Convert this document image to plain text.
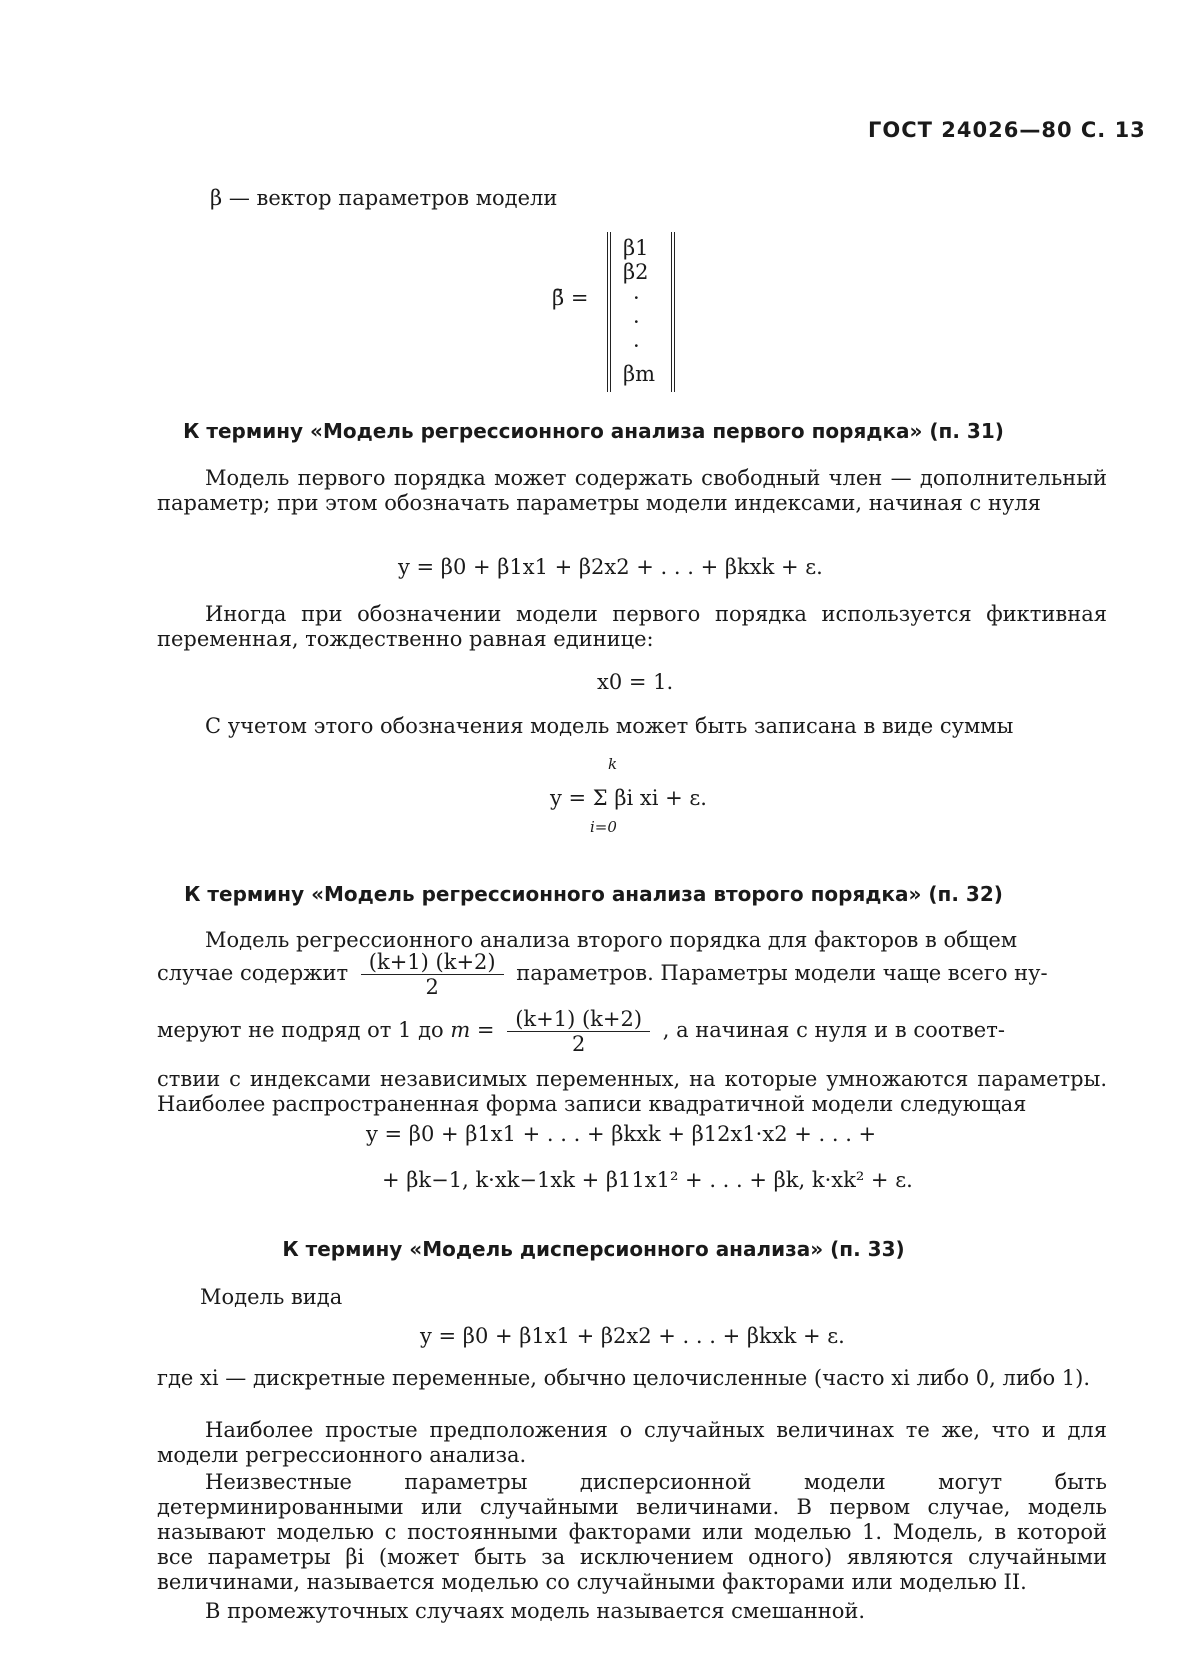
ГОСТ 24026—80 С. 13
β — вектор параметров модели
β̄ =
β1
β2
·
·
·
βm
К термину «Модель регрессионного анализа первого порядка» (п. 31)
Модель первого порядка может содержать свободный член — дополнительный параметр; при этом обозначать параметры модели индексами, начиная с нуля
y = β0 + β1x1 + β2x2 + . . . + βkxk + ε.
Иногда при обозначении модели первого порядка используется фиктивная переменная, тождественно равная единице:
x0 = 1.
С учетом этого обозначения модель может быть записана в виде суммы
k
y = Σ βi xi + ε.
i=0
К термину «Модель регрессионного анализа второго порядка» (п. 32)
Модель регрессионного анализа второго порядка для факторов в общем
случае содержит $\frac{(k+1) (k+2)}{2}$ параметров. Параметры модели чаще всего ну-
меруют не подряд от 1 до $m = \frac{(k+1) (k+2)}{2}$ , а начиная с нуля и в соответ-
ствии с индексами независимых переменных, на которые умножаются параметры. Наиболее распространенная форма записи квадратичной модели следующая
y = β0 + β1x1 + . . . + βkxk + β12x1·x2 + . . . +
+ βk−1, k·xk−1xk + β11x1² + . . . + βk, k·xk² + ε.
К термину «Модель дисперсионного анализа» (п. 33)
Модель вида
y = β0 + β1x1 + β2x2 + . . . + βkxk + ε.
где xi — дискретные переменные, обычно целочисленные (часто xi либо 0, либо 1).
Наиболее простые предположения о случайных величинах те же, что и для модели регрессионного анализа.
Неизвестные параметры дисперсионной модели могут быть детерминированными или случайными величинами. В первом случае, модель называют моделью с постоянными факторами или моделью 1. Модель, в которой все параметры βi (может быть за исключением одного) являются случайными величинами, называется моделью со случайными факторами или моделью II.
В промежуточных случаях модель называется смешанной.
